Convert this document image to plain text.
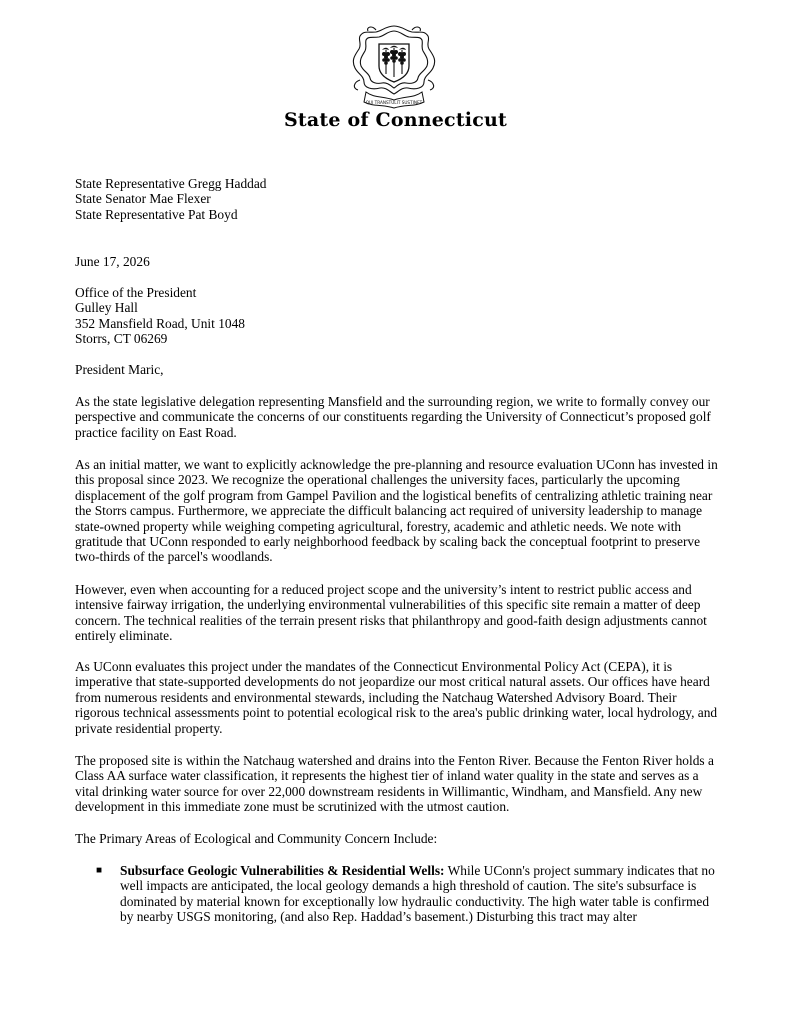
QUI TRANSTULIT SUSTINET
State of Connecticut

State Representative Gregg Haddad

State Senator Mae Flexer

State Representative Pat Boyd

June 17, 2026

Office of the President

Gulley Hall

352 Mansfield Road, Unit 1048

Storrs, CT 06269

President Maric,
As the state legislative delegation representing Mansfield and the surrounding region, we write to formally convey our perspective and communicate the concerns of our constituents regarding the University of Connecticut’s proposed golf practice facility on East Road.
As an initial matter, we want to explicitly acknowledge the pre-planning and resource evaluation UConn has invested in this proposal since 2023. We recognize the operational challenges the university faces, particularly the upcoming displacement of the golf program from Gampel Pavilion and the logistical benefits of centralizing athletic training near the Storrs campus. Furthermore, we appreciate the difficult balancing act required of university leadership to manage state-owned property while weighing competing agricultural, forestry, academic and athletic needs. We note with gratitude that UConn responded to early neighborhood feedback by scaling back the conceptual footprint to preserve two-thirds of the parcel's woodlands.
However, even when accounting for a reduced project scope and the university’s intent to restrict public access and intensive fairway irrigation, the underlying environmental vulnerabilities of this specific site remain a matter of deep concern. The technical realities of the terrain present risks that philanthropy and good-faith design adjustments cannot entirely eliminate.
As UConn evaluates this project under the mandates of the Connecticut Environmental Policy Act (CEPA), it is imperative that state-supported developments do not jeopardize our most critical natural assets. Our offices have heard from numerous residents and environmental stewards, including the Natchaug Watershed Advisory Board. Their rigorous technical assessments point to potential ecological risk to the area's public drinking water, local hydrology, and private residential property.
The proposed site is within the Natchaug watershed and drains into the Fenton River. Because the Fenton River holds a Class AA surface water classification, it represents the highest tier of inland water quality in the state and serves as a vital drinking water source for over 22,000 downstream residents in Willimantic, Windham, and Mansfield. Any new development in this immediate zone must be scrutinized with the utmost caution.
The Primary Areas of Ecological and Community Concern Include:
■ Subsurface Geologic Vulnerabilities & Residential Wells: While UConn's project summary indicates that no well impacts are anticipated, the local geology demands a high threshold of caution. The site's subsurface is dominated by material known for exceptionally low hydraulic conductivity. The high water table is confirmed by nearby USGS monitoring, (and also Rep. Haddad’s basement.) Disturbing this tract may alter
